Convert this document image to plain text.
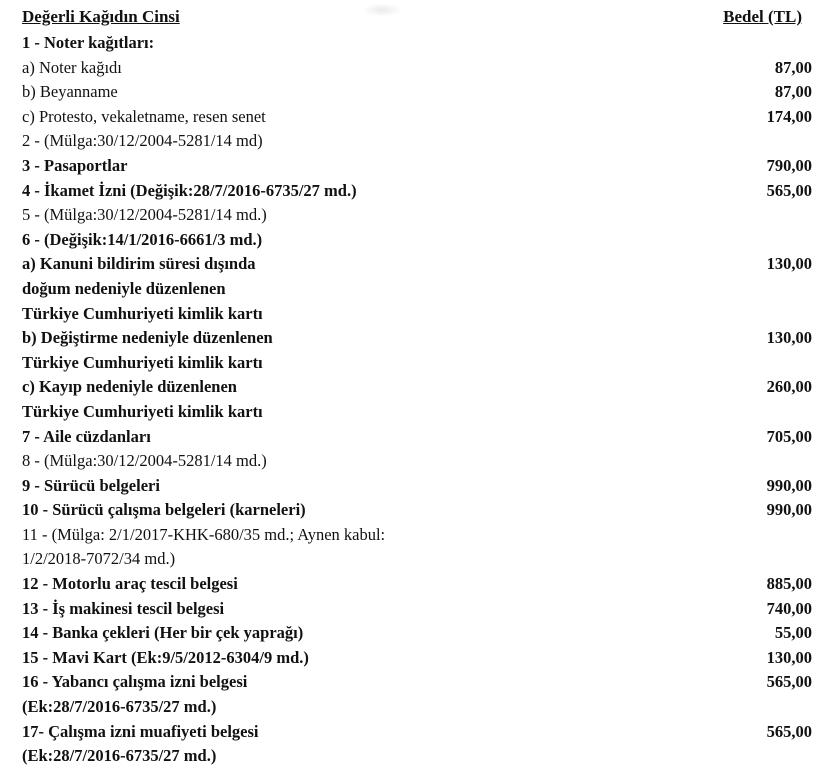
Değerli Kağıdın Cinsi	Bedel (TL)
1 - Noter kağıtları:
a) Noter kağıdı	87,00
b) Beyanname	87,00
c) Protesto, vekaletname, resen senet	174,00
2 - (Mülga:30/12/2004-5281/14 md)
3 - Pasaportlar	790,00
4 - İkamet İzni (Değişik:28/7/2016-6735/27 md.)	565,00
5 - (Mülga:30/12/2004-5281/14 md.)
6 - (Değişik:14/1/2016-6661/3 md.)
a) Kanuni bildirim süresi dışında	130,00
doğum nedeniyle düzenlenen
Türkiye Cumhuriyeti kimlik kartı
b) Değiştirme nedeniyle düzenlenen	130,00
Türkiye Cumhuriyeti kimlik kartı
c) Kayıp nedeniyle düzenlenen	260,00
Türkiye Cumhuriyeti kimlik kartı
7 - Aile cüzdanları	705,00
8 - (Mülga:30/12/2004-5281/14 md.)
9 - Sürücü belgeleri	990,00
10 - Sürücü çalışma belgeleri (karneleri)	990,00
11 - (Mülga: 2/1/2017-KHK-680/35 md.; Aynen kabul:
1/2/2018-7072/34 md.)
12 - Motorlu araç tescil belgesi	885,00
13 - İş makinesi tescil belgesi	740,00
14 - Banka çekleri (Her bir çek yaprağı)	55,00
15 - Mavi Kart (Ek:9/5/2012-6304/9 md.)	130,00
16 - Yabancı çalışma izni belgesi	565,00
(Ek:28/7/2016-6735/27 md.)
17- Çalışma izni muafiyeti belgesi	565,00
(Ek:28/7/2016-6735/27 md.)
